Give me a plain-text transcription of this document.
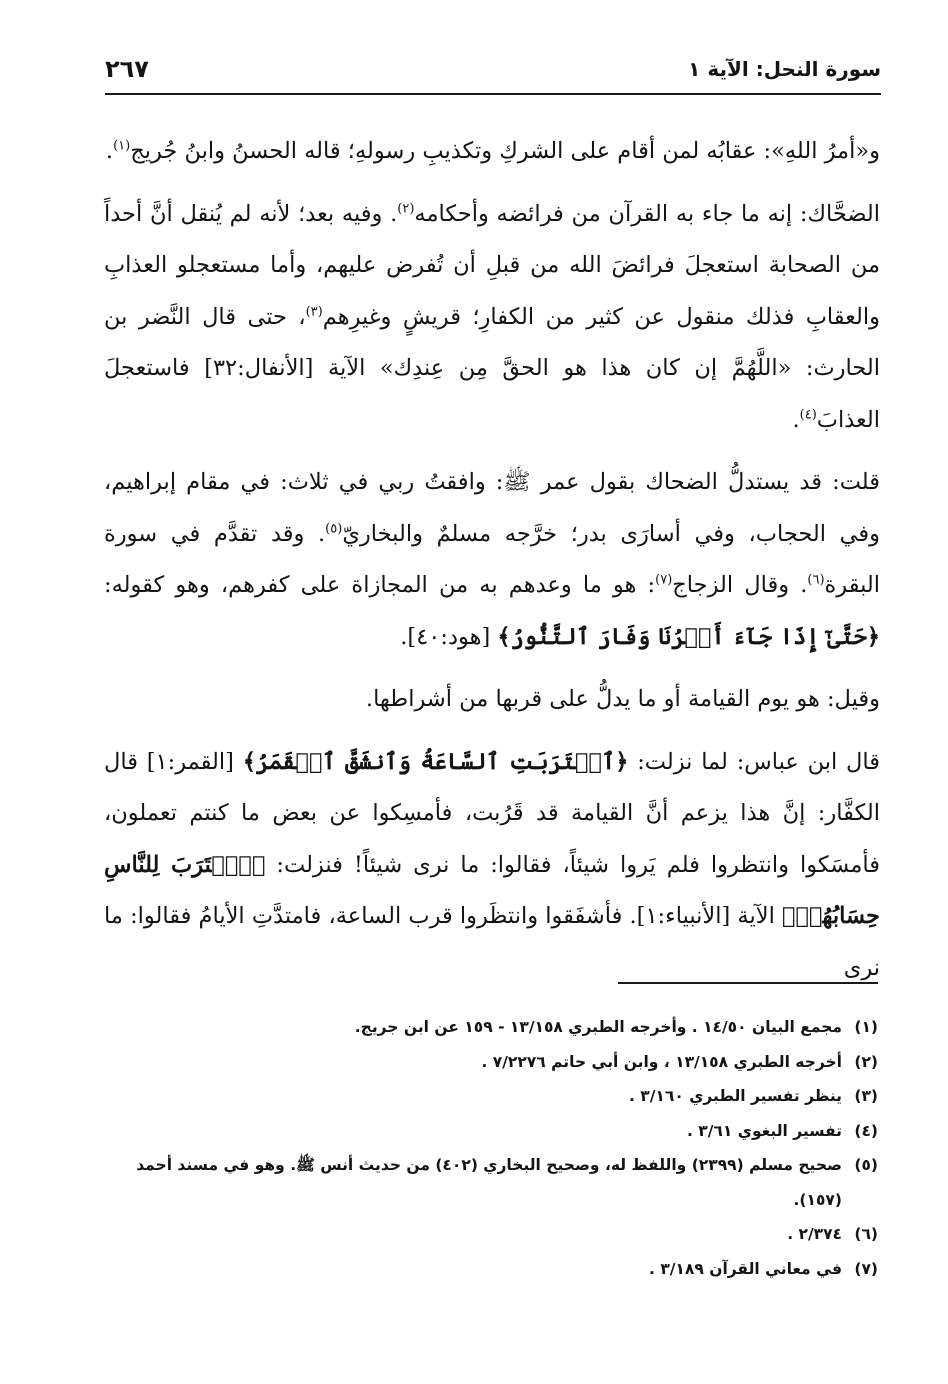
سورة النحل: الآية ١
٢٦٧

و«أمرُ اللهِ»: عقابُه لمن أقام على الشركِ وتكذيبِ رسولهِ؛ قاله الحسنُ وابنُ جُريج$^{(١)}$.

الضحَّاك: إنه ما جاء به القرآن من فرائضه وأحكامه$^{(٢)}$. وفيه بعد؛ لأنه لم يُنقل أنَّ أحداً من الصحابة استعجلَ فرائضَ الله من قبلِ أن تُفرض عليهم، وأما مستعجلو العذابِ والعقابِ فذلك منقول عن كثير من الكفارِ؛ قريشٍ وغيرِهم$^{(٣)}$، حتى قال النَّضر بن الحارث: «اللَّهُمَّ إن كان هذا هو الحقَّ مِن عِندِك» الآية [الأنفال:٣٢] فاستعجلَ العذابَ$^{(٤)}$.

قلت: قد يستدلُّ الضحاك بقول عمر ﷺ: وافقتُ ربي في ثلاث: في مقام إبراهيم، وفي الحجاب، وفي أسارَى بدر؛ خرَّجه مسلمٌ والبخاريّ$^{(٥)}$. وقد تقدَّم في سورة البقرة$^{(٦)}$. وقال الزجاج$^{(٧)}$: هو ما وعدهم به من المجازاة على كفرهم، وهو كقوله: ﴿حَتَّىٰٓ إِذَا جَآءَ أَمۡرُنَا وَفَارَ ٱلتَّنُّورُ﴾ [هود:٤٠].

وقيل: هو يوم القيامة أو ما يدلُّ على قربها من أشراطها.

قال ابن عباس: لما نزلت: ﴿ٱقۡتَرَبَتِ ٱلسَّاعَةُ وَٱنشَقَّ ٱلۡقَمَرُ﴾ [القمر:١] قال الكفَّار: إنَّ هذا يزعم أنَّ القيامة قد قَرُبت، فأمسِكوا عن بعض ما كنتم تعملون، فأمسَكوا وانتظروا فلم يَروا شيئاً، فقالوا: ما نرى شيئاً! فنزلت: ﴿ٱقۡتَرَبَ لِلنَّاسِ حِسَابُهُمۡ﴾ الآية [الأنبياء:١]. فأشفَقوا وانتظَروا قرب الساعة، فامتدَّتِ الأيامُ فقالوا: ما نرى

(١)
مجمع البيان ١٤/٥٠ . وأخرجه الطبري ١٣/١٥٨ - ١٥٩ عن ابن جريج.
(٢)
أخرجه الطبري ١٣/١٥٨ ، وابن أبي حاتم ٧/٢٢٧٦ .
(٣)
ينظر تفسير الطبري ٣/١٦٠ .
(٤)
تفسير البغوي ٣/٦١ .
(٥)
صحيح مسلم (٢٣٩٩) واللفظ له، وصحيح البخاري (٤٠٢) من حديث أنس ﷺ. وهو في مسند أحمد (١٥٧).
(٦)
٢/٣٧٤ .
(٧)
في معاني القرآن ٣/١٨٩ .
